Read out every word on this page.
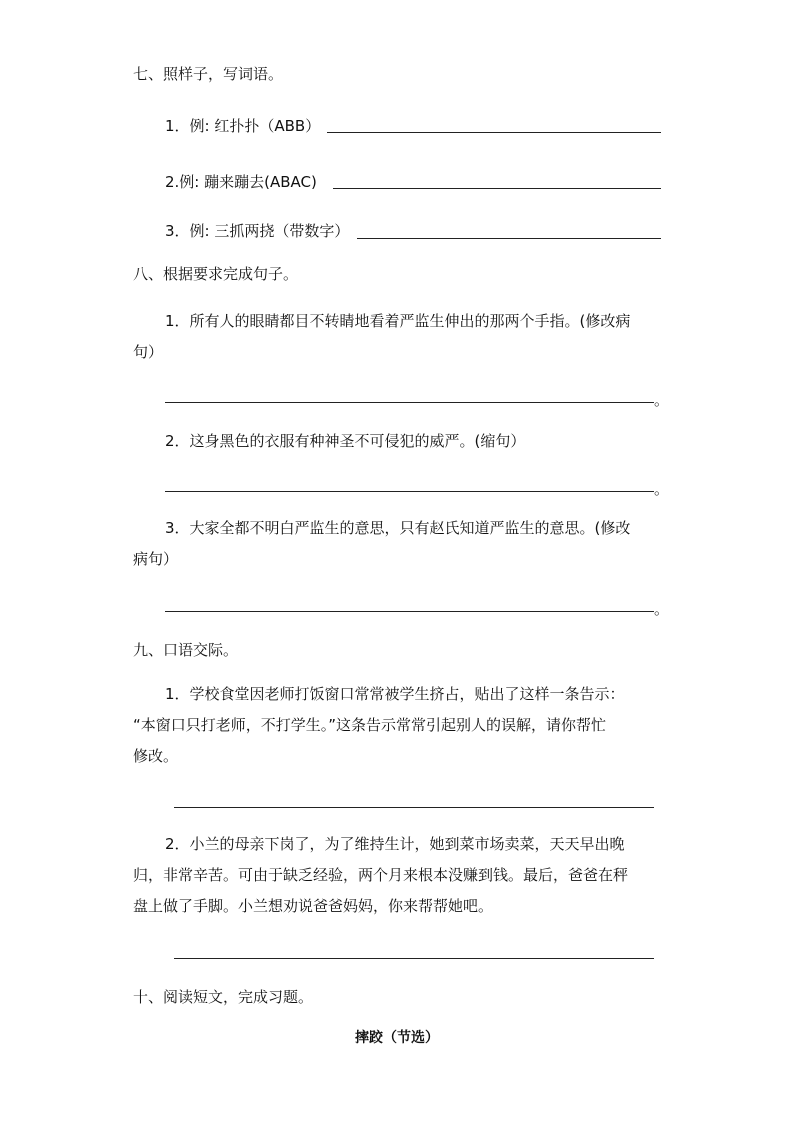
七、照样子，写词语。
1．例: 红扑扑（ABB）
2.例: 蹦来蹦去(ABAC)
3．例: 三抓两挠（带数字）
八、根据要求完成句子。
1．所有人的眼睛都目不转睛地看着严监生伸出的那两个手指。(修改病
句）
。
2．这身黑色的衣服有种神圣不可侵犯的威严。(缩句）
。
3．大家全都不明白严监生的意思，只有赵氏知道严监生的意思。(修改
病句）
。
九、口语交际。
1．学校食堂因老师打饭窗口常常被学生挤占，贴出了这样一条告示：
“本窗口只打老师，不打学生。”这条告示常常引起别人的误解，请你帮忙
修改。
2．小兰的母亲下岗了，为了维持生计，她到菜市场卖菜，天天早出晚
归，非常辛苦。可由于缺乏经验，两个月来根本没赚到钱。最后，爸爸在秤
盘上做了手脚。小兰想劝说爸爸妈妈，你来帮帮她吧。
十、阅读短文，完成习题。
摔跤（节选）
